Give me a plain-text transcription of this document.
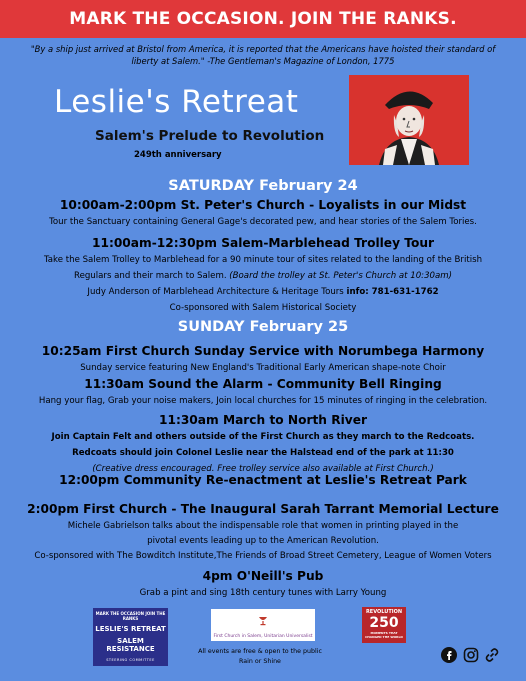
MARK THE OCCASION. JOIN THE RANKS.
"By a ship just arrived at Bristol from America, it is reported that the Americans have hoisted their standard of liberty at Salem." -The Gentleman's Magazine of London, 1775
Leslie's Retreat
Salem's Prelude to Revolution
249th anniversary
SATURDAY February 24
10:00am-2:00pm St. Peter's Church - Loyalists in our Midst
Tour the Sanctuary containing General Gage's decorated pew, and hear stories of the Salem Tories.
11:00am-12:30pm Salem-Marblehead Trolley Tour
Take the Salem Trolley to Marblehead for a 90 minute tour of sites related to the landing of the British
Regulars and their march to Salem. (Board the trolley at St. Peter's Church at 10:30am)
Judy Anderson of Marblehead Architecture & Heritage Tours info: 781-631-1762
Co-sponsored with Salem Historical Society
SUNDAY February 25
10:25am First Church Sunday Service with Norumbega Harmony
Sunday service featuring New England's Traditional Early American shape-note Choir
11:30am Sound the Alarm - Community Bell Ringing
Hang your flag, Grab your noise makers, Join local churches for 15 minutes of ringing in the celebration.
11:30am March to North River
Join Captain Felt and others outside of the First Church as they march to the Redcoats.
Redcoats should join Colonel Leslie near the Halstead end of the park at 11:30
(Creative dress encouraged. Free trolley service also available at First Church.)
12:00pm Community Re-enactment at Leslie's Retreat Park
2:00pm First Church - The Inaugural Sarah Tarrant Memorial Lecture
Michele Gabrielson talks about the indispensable role that women in printing played in the
pivotal events leading up to the American Revolution.
Co-sponsored with The Bowditch Institute,The Friends of Broad Street Cemetery, League of Women Voters
4pm O'Neill's Pub
Grab a pint and sing 18th century tunes with Larry Young
MARK THE OCCASION JOIN THE RANKS
LESLIE'S RETREAT
SALEM RESISTANCE
STEERING COMMITTEE
First Church in Salem, Unitarian Universalist
REVOLUTION
250
MOMENTS THAT CHANGED THE WORLD
All events are free & open to the public
Rain or Shine
